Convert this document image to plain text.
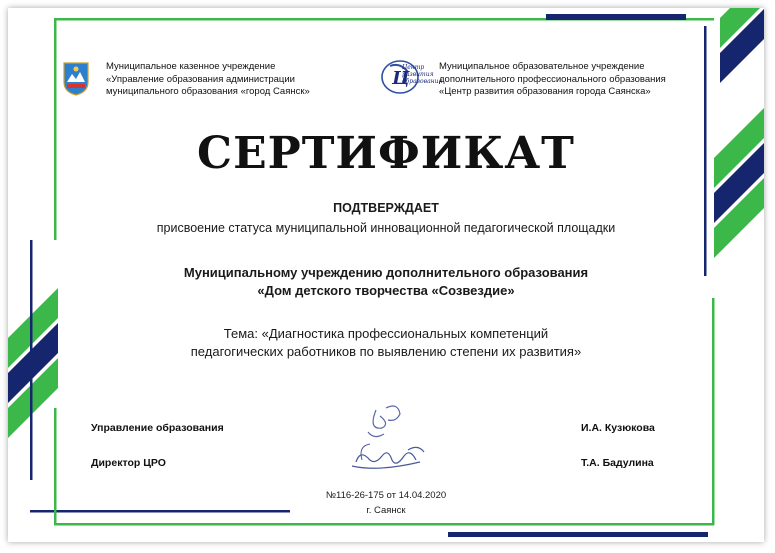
Муниципальное казенное учреждение
«Управление образования администрации
муниципального образования «город Саянск»
Ц
Центр
развития
образования
Муниципальное образовательное учреждение
дополнительного профессионального образования
«Центр развития образования города Саянска»
СЕРТИФИКАТ
ПОДТВЕРЖДАЕТ
присвоение статуса муниципальной инновационной педагогической площадки
Муниципальному учреждению дополнительного образования
«Дом детского творчества «Созвездие»
Тема: «Диагностика профессиональных компетенций
педагогических работников по выявлению степени их развития»
Управление образования	И.А. Кузюкова
Директор ЦРО	Т.А. Бадулина
№116-26-175 от 14.04.2020
г. Саянск
